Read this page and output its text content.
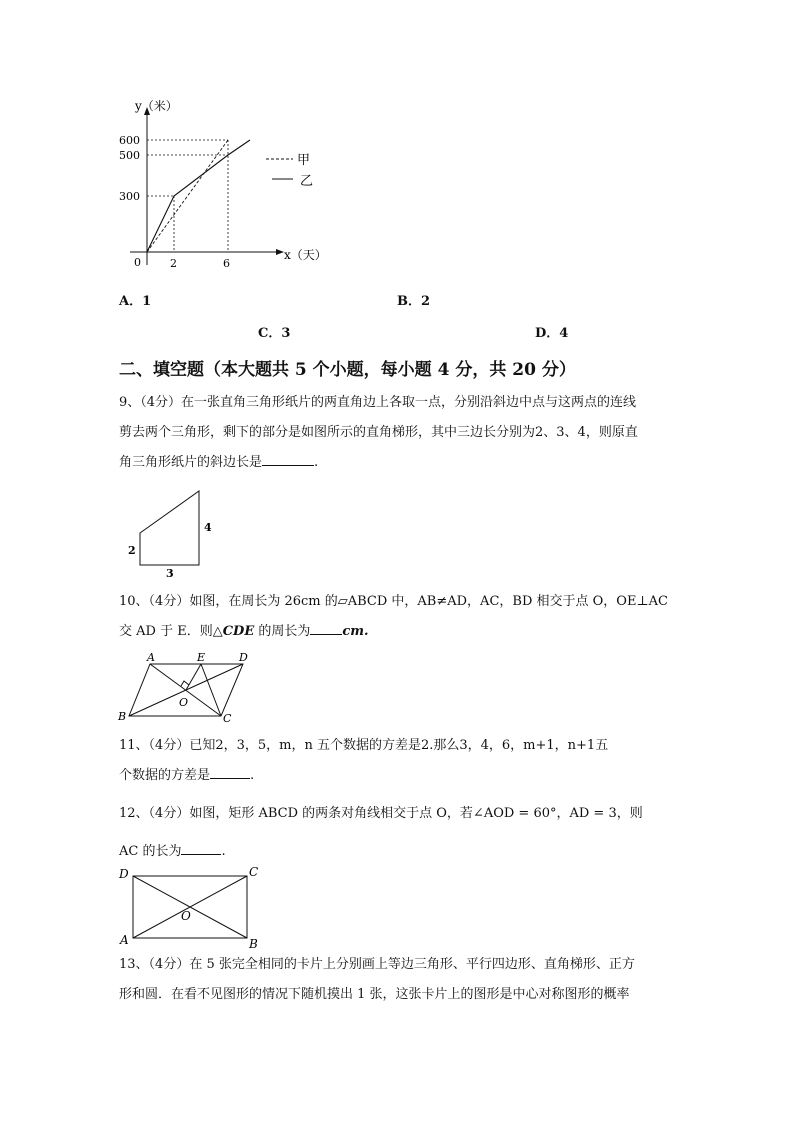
甲
乙
y（米）
x（天）
600
500
300
0	2	6
A．1	B．2
C．3	D．4
二、填空题（本大题共 5 个小题，每小题 4 分，共 20 分）
9、（4分）在一张直角三角形纸片的两直角边上各取一点，分别沿斜边中点与这两点的连线
剪去两个三角形，剩下的部分是如图所示的直角梯形，其中三边长分别为2、3、4，则原直
角三角形纸片的斜边长是	.
2
3
4
10、（4分）如图，在周长为 26cm 的▱ABCD 中，AB≠AD，AC，BD 相交于点 O，OE⊥AC
交 AD 于 E．则△CDE 的周长为 cm.
A	E	D
O
B	C
11、（4分）已知2，3，5，m，n 五个数据的方差是2.那么3，4，6，m+1，n+1五
个数据的方差是	.
12、（4分）如图，矩形 ABCD 的两条对角线相交于点 O，若∠AOD = 60°，AD = 3，则
AC 的长为	.
D	C
O
A	B
13、（4分）在 5 张完全相同的卡片上分别画上等边三角形、平行四边形、直角梯形、正方
形和圆．在看不见图形的情况下随机摸出 1 张，这张卡片上的图形是中心对称图形的概率
